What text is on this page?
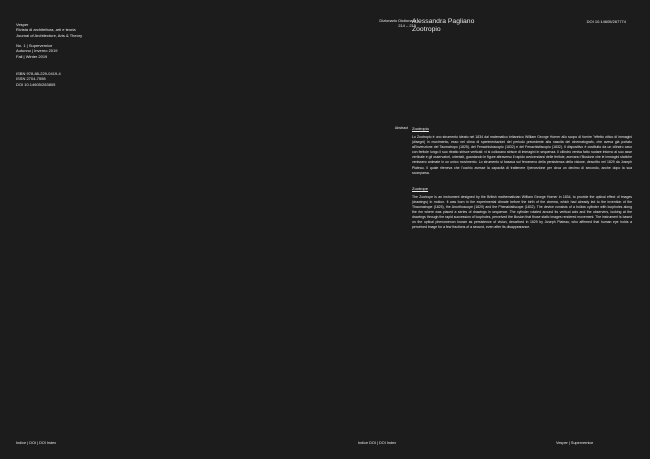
Vesper
Rivista di architettura, arti e teoria
Journal of Architecture, Arts & Theory
No. 1 | Supervernice
Autunno | Inverno 2019
Fall | Winter 2019
ISBN 978-88-229-0419-4
ISSN 2704-7598
DOI 10.14605/263805
Dizionario Dictionary
214 – 215
Alessandra Pagliano
Zootropio
DOI 10.14605/267774
Abstract Zootropio

Lo Zootropio è uno strumento ideato nel 1834 dal matematico britannico William George Horner allo scopo di fornire "effetto ottico di immagini (disegni) in movimento, esso nel clima di sperimentazioni del periodo precedente alla nascita del cinematografo, che aveva già portato all'invenzione del Taumatropo (1825), del Fenachistoscopio (1832) e del Fenachistiscopio (1832). Il dispositivo è costituito da un cilindro cavo con feritoie lungo il suo ritratto strisce verticali: vi si collocano strisce di immagini in sequenza. Il cilindro veniva fatto ruotare intorno al suo asse verticale e gli osservatori, orientati, guardando le figure attraverso il rapido avvicendarsi delle feritoie, avevano l'illusione che le immagini statiche venissero animate in un unico movimento. Lo strumento si basava sul fenomeno della persistenza della visione, descritto nel 1829 da Joseph Plateau. Il quale riteneva che l'occhio avesse la capacità di trattenere l'percezione per circa un decimo di secondo, anche dopo la sua scomparsa.

Zootrope

The Zootrope is an instrument designed by the British mathematician William George Horner in 1834, to provide the optical effect of images (drawings) in motion. It was born in the experimental climate before the birth of the cinema, which had already led to the invention of the Thaumatrope (1825), the Anorthoscope (1829) and the Phenakistiscope (1832). The device consists of a hollow cylinder with loopholes along the rim where was placed a series of drawings in sequence. The cylinder rotated around its vertical axis and the observers, looking at the drawings through the rapid succession of loopholes, perceived the illusion that those static images rendered movement. The instrument is based on the optical phenomenon known as persistence of vision, described in 1829 by Joseph Plateau, who affirmed that human eye holds a perceived image for a few fractions of a second, even after its disappearance.

Indice | DOI | DOI Index	Indice DOI | DOI Index	Vesper | Supervernice
